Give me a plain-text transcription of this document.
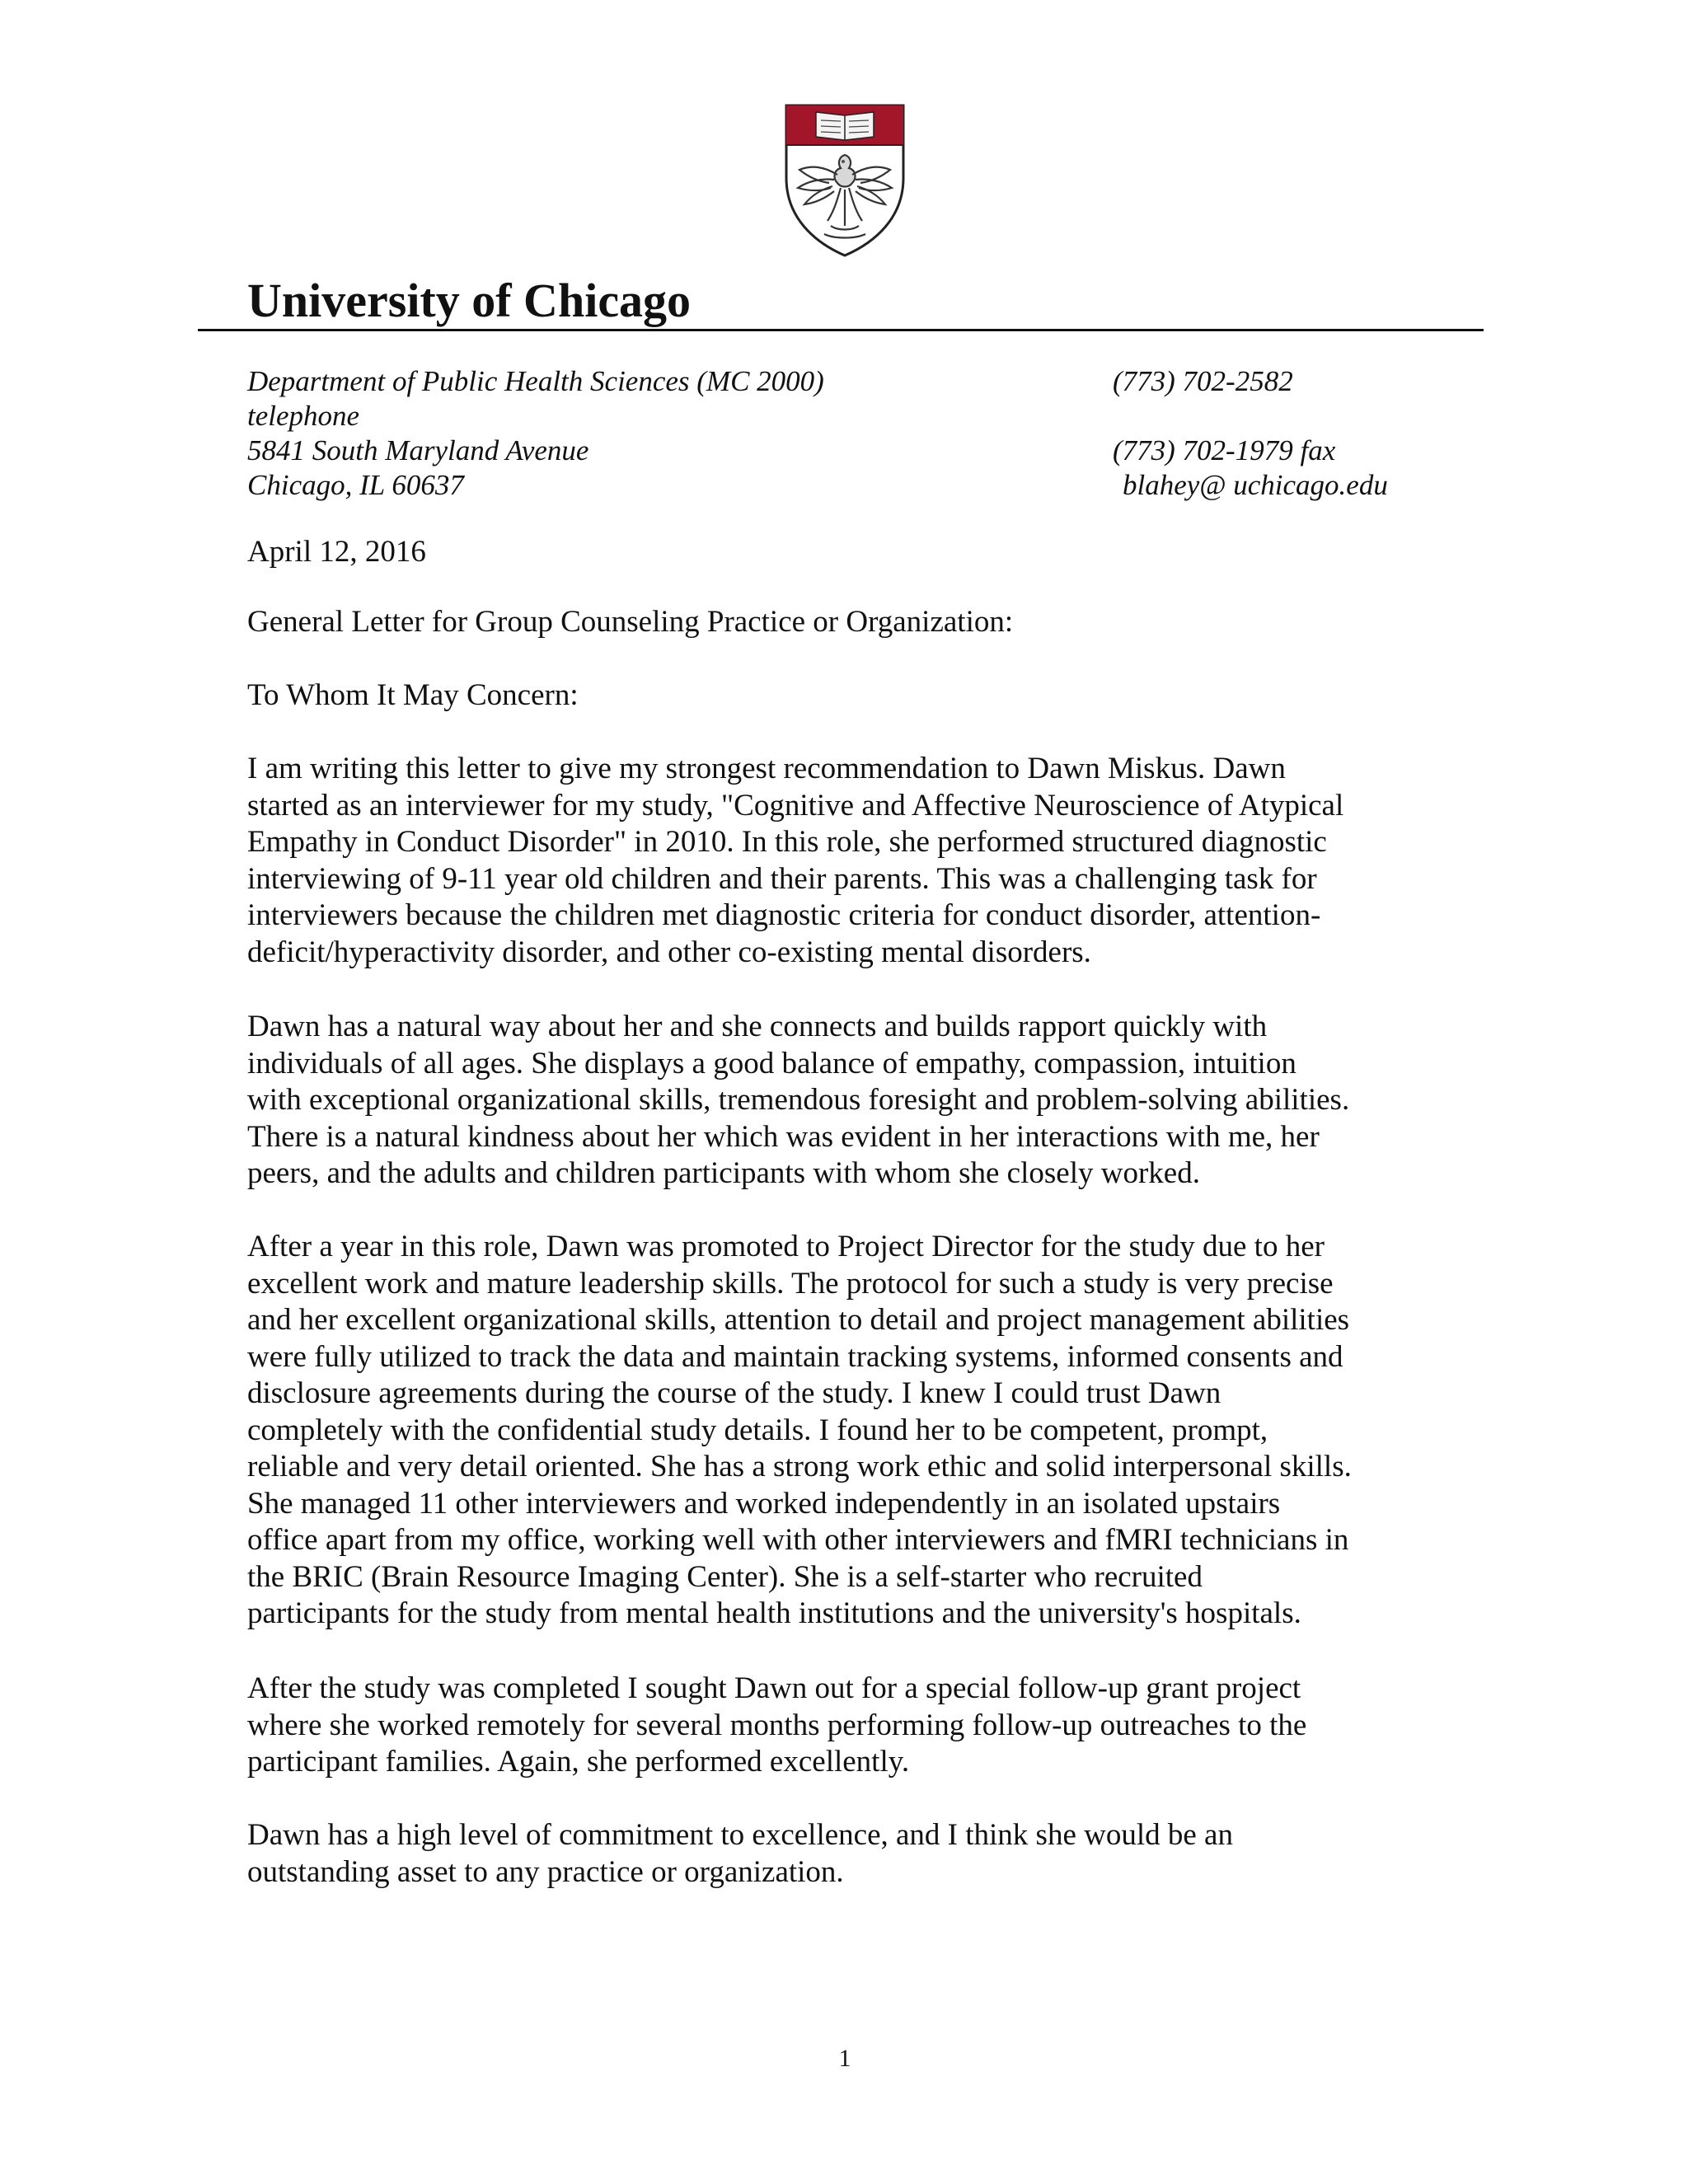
University of Chicago
Department of Public Health Sciences (MC 2000)
telephone
5841 South Maryland Avenue
Chicago, IL 60637
(773) 702-2582
(773) 702-1979 fax
blahey@ uchicago.edu
April 12, 2016
General Letter for Group Counseling Practice or Organization:
To Whom It May Concern:
I am writing this letter to give my strongest recommendation to Dawn Miskus. Dawn
started as an interviewer for my study, "Cognitive and Affective Neuroscience of Atypical
Empathy in Conduct Disorder" in 2010. In this role, she performed structured diagnostic
interviewing of 9-11 year old children and their parents. This was a challenging task for
interviewers because the children met diagnostic criteria for conduct disorder, attention-
deficit/hyperactivity disorder, and other co-existing mental disorders.
Dawn has a natural way about her and she connects and builds rapport quickly with
individuals of all ages. She displays a good balance of empathy, compassion, intuition
with exceptional organizational skills, tremendous foresight and problem-solving abilities.
There is a natural kindness about her which was evident in her interactions with me, her
peers, and the adults and children participants with whom she closely worked.
After a year in this role, Dawn was promoted to Project Director for the study due to her
excellent work and mature leadership skills. The protocol for such a study is very precise
and her excellent organizational skills, attention to detail and project management abilities
were fully utilized to track the data and maintain tracking systems, informed consents and
disclosure agreements during the course of the study. I knew I could trust Dawn
completely with the confidential study details. I found her to be competent, prompt,
reliable and very detail oriented. She has a strong work ethic and solid interpersonal skills.
She managed 11 other interviewers and worked independently in an isolated upstairs
office apart from my office, working well with other interviewers and fMRI technicians in
the BRIC (Brain Resource Imaging Center). She is a self-starter who recruited
participants for the study from mental health institutions and the university's hospitals.
After the study was completed I sought Dawn out for a special follow-up grant project
where she worked remotely for several months performing follow-up outreaches to the
participant families. Again, she performed excellently.
Dawn has a high level of commitment to excellence, and I think she would be an
outstanding asset to any practice or organization.
1
